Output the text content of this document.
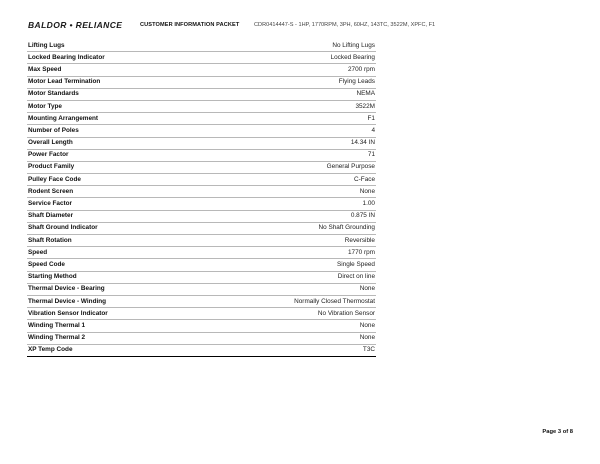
BALDOR • RELIANCE	CUSTOMER INFORMATION PACKET	CDR0414447-S - 1HP, 1770RPM, 3PH, 60HZ, 143TC, 3522M, XPFC, F1
Lifting Lugs	No Lifting Lugs
Locked Bearing Indicator	Locked Bearing
Max Speed	2700 rpm
Motor Lead Termination	Flying Leads
Motor Standards	NEMA
Motor Type	3522M
Mounting Arrangement	F1
Number of Poles	4
Overall Length	14.34 IN
Power Factor	71
Product Family	General Purpose
Pulley Face Code	C-Face
Rodent Screen	None
Service Factor	1.00
Shaft Diameter	0.875 IN
Shaft Ground Indicator	No Shaft Grounding
Shaft Rotation	Reversible
Speed	1770 rpm
Speed Code	Single Speed
Starting Method	Direct on line
Thermal Device - Bearing	None
Thermal Device - Winding	Normally Closed Thermostat
Vibration Sensor Indicator	No Vibration Sensor
Winding Thermal 1	None
Winding Thermal 2	None
XP Temp Code	T3C
Page 3 of 8
